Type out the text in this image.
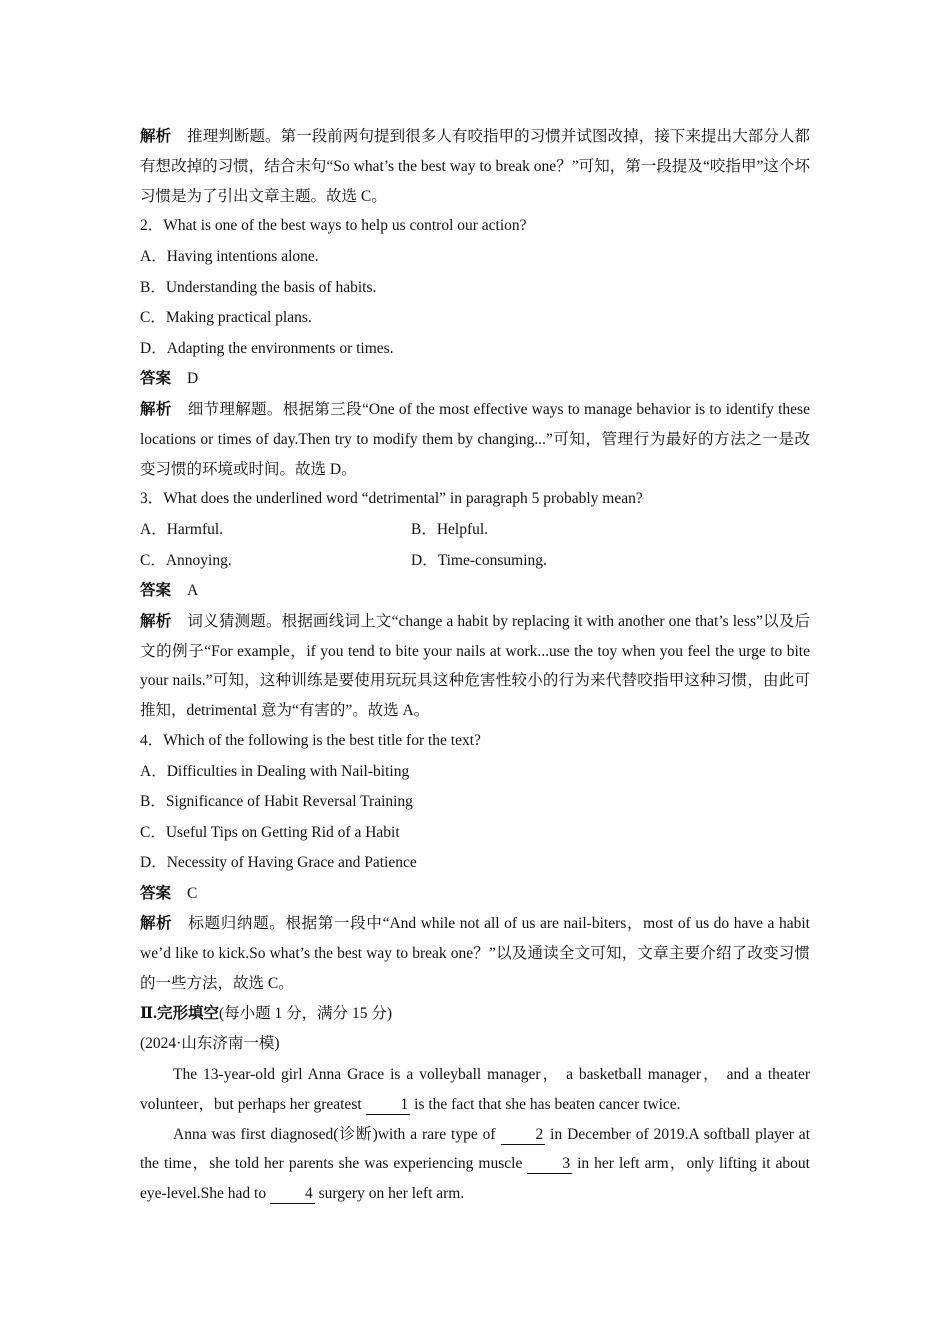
解析 推理判断题。第一段前两句提到很多人有咬指甲的习惯并试图改掉，接下来提出大部分人都有想改掉的习惯，结合末句“So what’s the best way to break one？”可知，第一段提及“咬指甲”这个坏习惯是为了引出文章主题。故选 C。
2．What is one of the best ways to help us control our action?
A．Having intentions alone.
B．Understanding the basis of habits.
C．Making practical plans.
D．Adapting the environments or times.
答案 D
解析 细节理解题。根据第三段“One of the most effective ways to manage behavior is to identify these locations or times of day.Then try to modify them by changing...”可知，管理行为最好的方法之一是改变习惯的环境或时间。故选 D。
3．What does the underlined word “detrimental” in paragraph 5 probably mean?
A．Harmful.	B．Helpful.
C．Annoying.	D．Time-consuming.
答案 A
解析 词义猜测题。根据画线词上文“change a habit by replacing it with another one that’s less”以及后文的例子“For example，if you tend to bite your nails at work...use the toy when you feel the urge to bite your nails.”可知，这种训练是要使用玩玩具这种危害性较小的行为来代替咬指甲这种习惯，由此可推知，detrimental 意为“有害的”。故选 A。
4．Which of the following is the best title for the text?
A．Difficulties in Dealing with Nail-biting
B．Significance of Habit Reversal Training
C．Useful Tips on Getting Rid of a Habit
D．Necessity of Having Grace and Patience
答案 C
解析 标题归纳题。根据第一段中“And while not all of us are nail-biters，most of us do have a habit we’d like to kick.So what’s the best way to break one？”以及通读全文可知，文章主要介绍了改变习惯的一些方法，故选 C。
Ⅱ.完形填空(每小题 1 分，满分 15 分)
(2024·山东济南一模)
The 13-year-old girl Anna Grace is a volleyball manager， a basketball manager， and a theater volunteer，but perhaps her greatest 1 is the fact that she has beaten cancer twice.
Anna was first diagnosed(诊断)with a rare type of 2 in December of 2019.A softball player at the time，she told her parents she was experiencing muscle 3 in her left arm，only lifting it about eye-level.She had to 4 surgery on her left arm.
